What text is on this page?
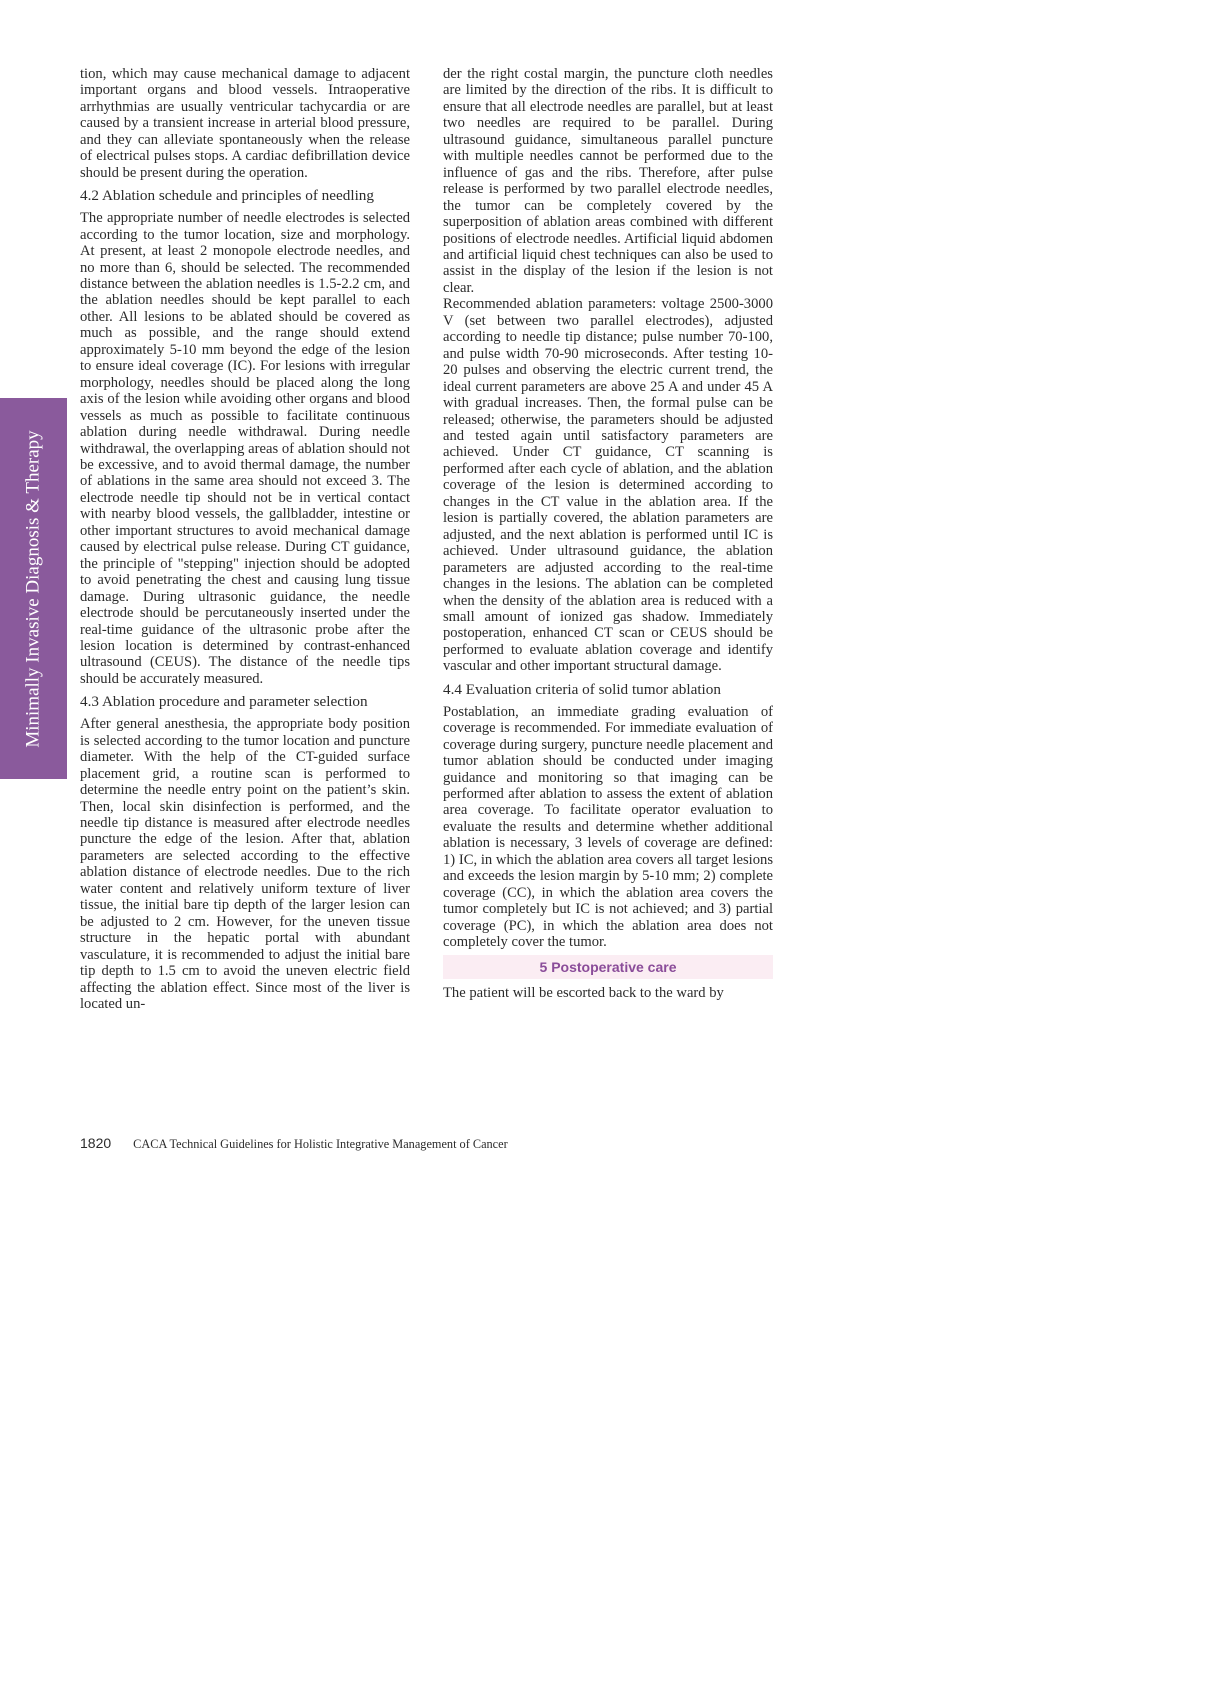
Minimally Invasive Diagnosis & Therapy

tion, which may cause mechanical damage to adjacent important organs and blood vessels. Intraoperative arrhythmias are usually ventricular tachycardia or are caused by a transient increase in arterial blood pressure, and they can alleviate spontaneously when the release of electrical pulses stops. A cardiac defibrillation device should be present during the operation.

4.2 Ablation schedule and principles of needling

The appropriate number of needle electrodes is selected according to the tumor location, size and morphology. At present, at least 2 monopole electrode needles, and no more than 6, should be selected. The recommended distance between the ablation needles is 1.5-2.2 cm, and the ablation needles should be kept parallel to each other. All lesions to be ablated should be covered as much as possible, and the range should extend approximately 5-10 mm beyond the edge of the lesion to ensure ideal coverage (IC). For lesions with irregular morphology, needles should be placed along the long axis of the lesion while avoiding other organs and blood vessels as much as possible to facilitate continuous ablation during needle withdrawal. During needle withdrawal, the overlapping areas of ablation should not be excessive, and to avoid thermal damage, the number of ablations in the same area should not exceed 3. The electrode needle tip should not be in vertical contact with nearby blood vessels, the gallbladder, intestine or other important structures to avoid mechanical damage caused by electrical pulse release. During CT guidance, the principle of "stepping" injection should be adopted to avoid penetrating the chest and causing lung tissue damage. During ultrasonic guidance, the needle electrode should be percutaneously inserted under the real-time guidance of the ultrasonic probe after the lesion location is determined by contrast-enhanced ultrasound (CEUS). The distance of the needle tips should be accurately measured.

4.3 Ablation procedure and parameter selection

After general anesthesia, the appropriate body position is selected according to the tumor location and puncture diameter. With the help of the CT-guided surface placement grid, a routine scan is performed to determine the needle entry point on the patient’s skin. Then, local skin disinfection is performed, and the needle tip distance is measured after electrode needles puncture the edge of the lesion. After that, ablation parameters are selected according to the effective ablation distance of electrode needles. Due to the rich water content and relatively uniform texture of liver tissue, the initial bare tip depth of the larger lesion can be adjusted to 2 cm. However, for the uneven tissue structure in the hepatic portal with abundant vasculature, it is recommended to adjust the initial bare tip depth to 1.5 cm to avoid the uneven electric field affecting the ablation effect. Since most of the liver is located un-

der the right costal margin, the puncture cloth needles are limited by the direction of the ribs. It is difficult to ensure that all electrode needles are parallel, but at least two needles are required to be parallel. During ultrasound guidance, simultaneous parallel puncture with multiple needles cannot be performed due to the influence of gas and the ribs. Therefore, after pulse release is performed by two parallel electrode needles, the tumor can be completely covered by the superposition of ablation areas combined with different positions of electrode needles. Artificial liquid abdomen and artificial liquid chest techniques can also be used to assist in the display of the lesion if the lesion is not clear.

Recommended ablation parameters: voltage 2500-3000 V (set between two parallel electrodes), adjusted according to needle tip distance; pulse number 70-100, and pulse width 70-90 microseconds. After testing 10-20 pulses and observing the electric current trend, the ideal current parameters are above 25 A and under 45 A with gradual increases. Then, the formal pulse can be released; otherwise, the parameters should be adjusted and tested again until satisfactory parameters are achieved. Under CT guidance, CT scanning is performed after each cycle of ablation, and the ablation coverage of the lesion is determined according to changes in the CT value in the ablation area. If the lesion is partially covered, the ablation parameters are adjusted, and the next ablation is performed until IC is achieved. Under ultrasound guidance, the ablation parameters are adjusted according to the real-time changes in the lesions. The ablation can be completed when the density of the ablation area is reduced with a small amount of ionized gas shadow. Immediately postoperation, enhanced CT scan or CEUS should be performed to evaluate ablation coverage and identify vascular and other important structural damage.

4.4 Evaluation criteria of solid tumor ablation

Postablation, an immediate grading evaluation of coverage is recommended. For immediate evaluation of coverage during surgery, puncture needle placement and tumor ablation should be conducted under imaging guidance and monitoring so that imaging can be performed after ablation to assess the extent of ablation area coverage. To facilitate operator evaluation to evaluate the results and determine whether additional ablation is necessary, 3 levels of coverage are defined: 1) IC, in which the ablation area covers all target lesions and exceeds the lesion margin by 5-10 mm; 2) complete coverage (CC), in which the ablation area covers the tumor completely but IC is not achieved; and 3) partial coverage (PC), in which the ablation area does not completely cover the tumor.

5 Postoperative care

The patient will be escorted back to the ward by

1820 CACA Technical Guidelines for Holistic Integrative Management of Cancer
